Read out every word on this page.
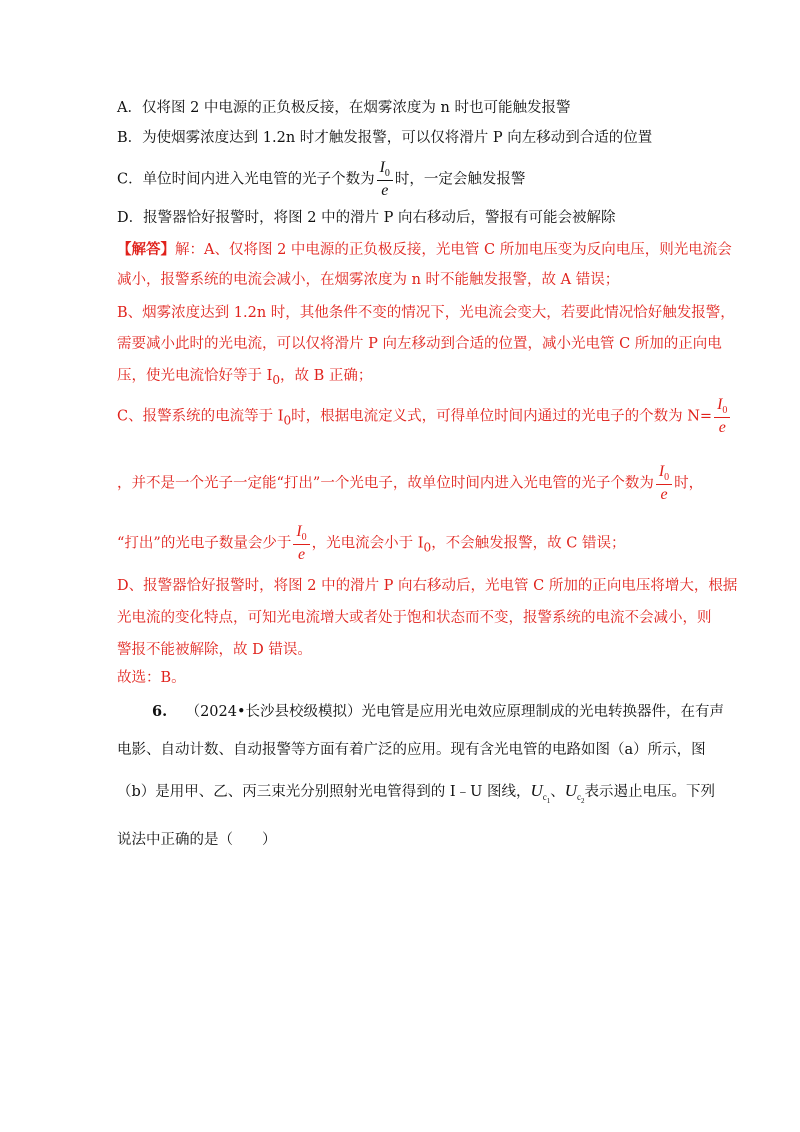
A．仅将图 2 中电源的正负极反接，在烟雾浓度为 n 时也可能触发报警
B．为使烟雾浓度达到 1.2n 时才触发报警，可以仅将滑片 P 向左移动到合适的位置
C．单位时间内进入光电管的光子个数为 $\frac{I_0}{e}$ 时，一定会触发报警
D．报警器恰好报警时，将图 2 中的滑片 P 向右移动后，警报有可能会被解除
【解答】解：A、仅将图 2 中电源的正负极反接，光电管 C 所加电压变为反向电压，则光电流会
减小，报警系统的电流会减小，在烟雾浓度为 n 时不能触发报警，故 A 错误；
B、烟雾浓度达到 1.2n 时，其他条件不变的情况下，光电流会变大，若要此情况恰好触发报警，
需要减小此时的光电流，可以仅将滑片 P 向左移动到合适的位置，减小光电管 C 所加的正向电
压，使光电流恰好等于 $I_0$，故 B 正确；
C、报警系统的电流等于 $I_0$时，根据电流定义式，可得单位时间内通过的光电子的个数为 $N= \frac{I_0}{e}$
，并不是一个光子一定能“打出”一个光电子，故单位时间内进入光电管的光子个数为 $\frac{I_0}{e}$ 时，
“打出”的光电子数量会少于 $\frac{I_0}{e}$ ，光电流会小于 $I_0$，不会触发报警，故 C 错误；
D、报警器恰好报警时，将图 2 中的滑片 P 向右移动后，光电管 C 所加的正向电压将增大，根据
光电流的变化特点，可知光电流增大或者处于饱和状态而不变，报警系统的电流不会减小，则
警报不能被解除，故 D 错误。
故选：B。
6. （2024•长沙县校级模拟）光电管是应用光电效应原理制成的光电转换器件，在有声
电影、自动计数、自动报警等方面有着广泛的应用。现有含光电管的电路如图（a）所示，图
（b）是用甲、乙、丙三束光分别照射光电管得到的 I﹣U 图线，$U_{c_1}$、$U_{c_2}$表示遏止电压。下列
说法中正确的是（　　）
